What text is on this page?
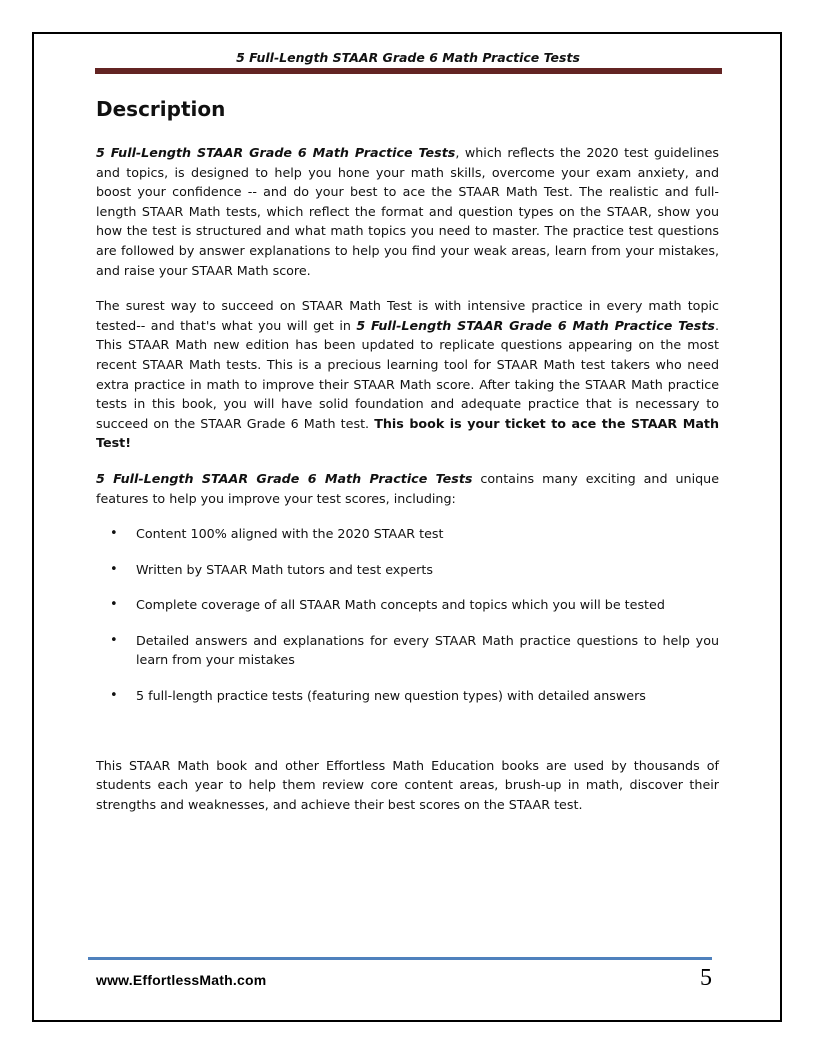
5 Full-Length STAAR Grade 6 Math Practice Tests
Description

5 Full-Length STAAR Grade 6 Math Practice Tests, which reflects the 2020 test guidelines and topics, is designed to help you hone your math skills, overcome your exam anxiety, and boost your confidence -- and do your best to ace the STAAR Math Test. The realistic and full-length STAAR Math tests, which reflect the format and question types on the STAAR, show you how the test is structured and what math topics you need to master. The practice test questions are followed by answer explanations to help you find your weak areas, learn from your mistakes, and raise your STAAR Math score.

The surest way to succeed on STAAR Math Test is with intensive practice in every math topic tested-- and that's what you will get in 5 Full-Length STAAR Grade 6 Math Practice Tests. This STAAR Math new edition has been updated to replicate questions appearing on the most recent STAAR Math tests. This is a precious learning tool for STAAR Math test takers who need extra practice in math to improve their STAAR Math score. After taking the STAAR Math practice tests in this book, you will have solid foundation and adequate practice that is necessary to succeed on the STAAR Grade 6 Math test. This book is your ticket to ace the STAAR Math Test!

5 Full-Length STAAR Grade 6 Math Practice Tests contains many exciting and unique features to help you improve your test scores, including:

• Content 100% aligned with the 2020 STAAR test
• Written by STAAR Math tutors and test experts
• Complete coverage of all STAAR Math concepts and topics which you will be tested
• Detailed answers and explanations for every STAAR Math practice questions to help you learn from your mistakes
• 5 full-length practice tests (featuring new question types) with detailed answers

This STAAR Math book and other Effortless Math Education books are used by thousands of students each year to help them review core content areas, brush-up in math, discover their strengths and weaknesses, and achieve their best scores on the STAAR test.

www.EffortlessMath.com	5
